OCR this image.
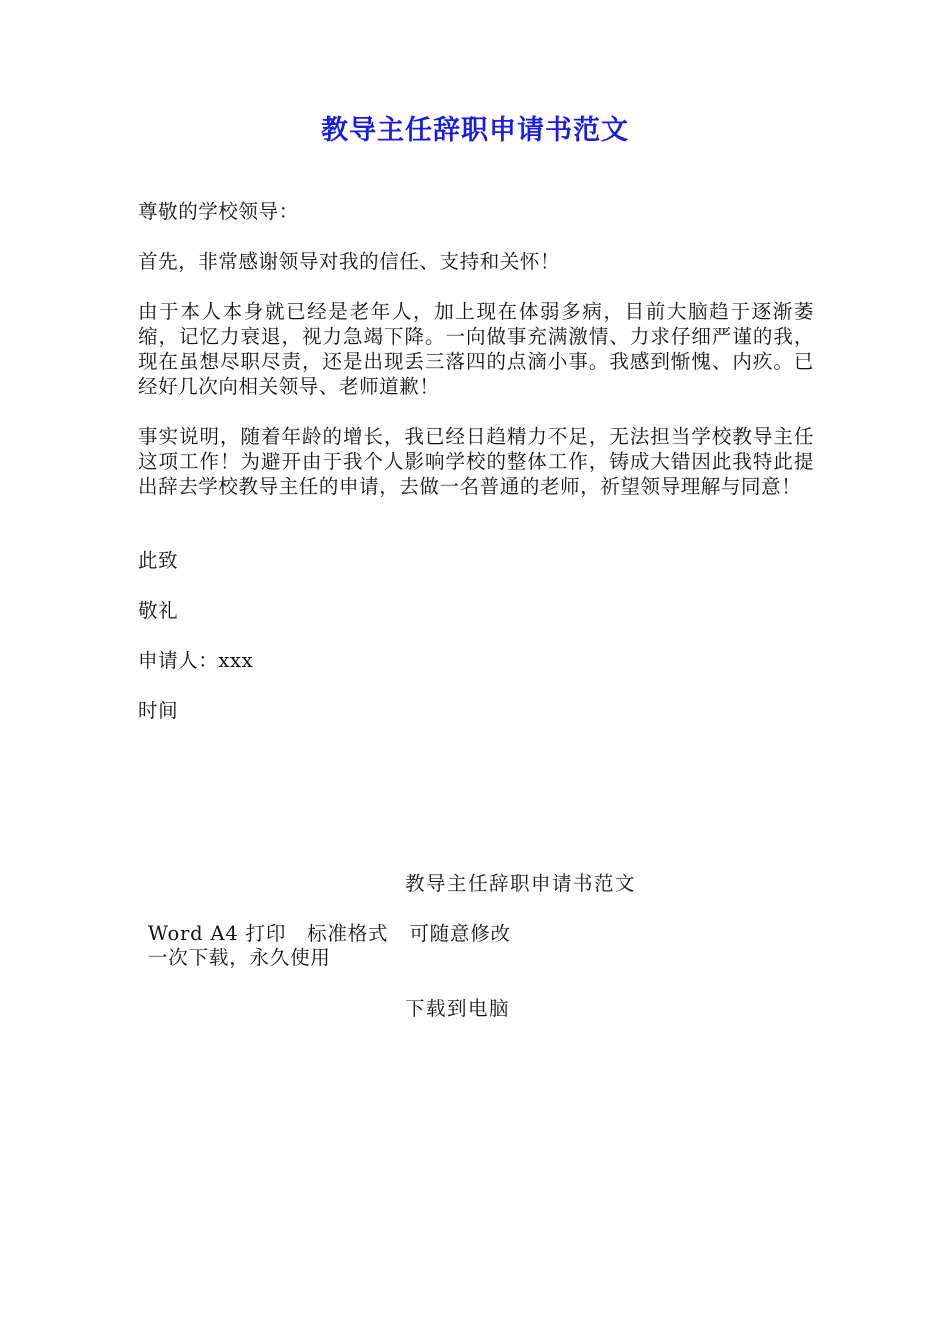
教导主任辞职申请书范文

尊敬的学校领导：

首先，非常感谢领导对我的信任、支持和关怀！

由于本人本身就已经是老年人，加上现在体弱多病，目前大脑趋于逐渐萎缩，记忆力衰退，视力急竭下降。一向做事充满激情、力求仔细严谨的我，现在虽想尽职尽责，还是出现丢三落四的点滴小事。我感到惭愧、内疚。已经好几次向相关领导、老师道歉！

事实说明，随着年龄的增长，我已经日趋精力不足，无法担当学校教导主任这项工作！为避开由于我个人影响学校的整体工作，铸成大错因此我特此提出辞去学校教导主任的申请，去做一名普通的老师，祈望领导理解与同意！

此致

敬礼

申请人：xxx

时间

教导主任辞职申请书范文
Word A4 打印   标准格式   可随意修改
一次下载，永久使用
下载到电脑
